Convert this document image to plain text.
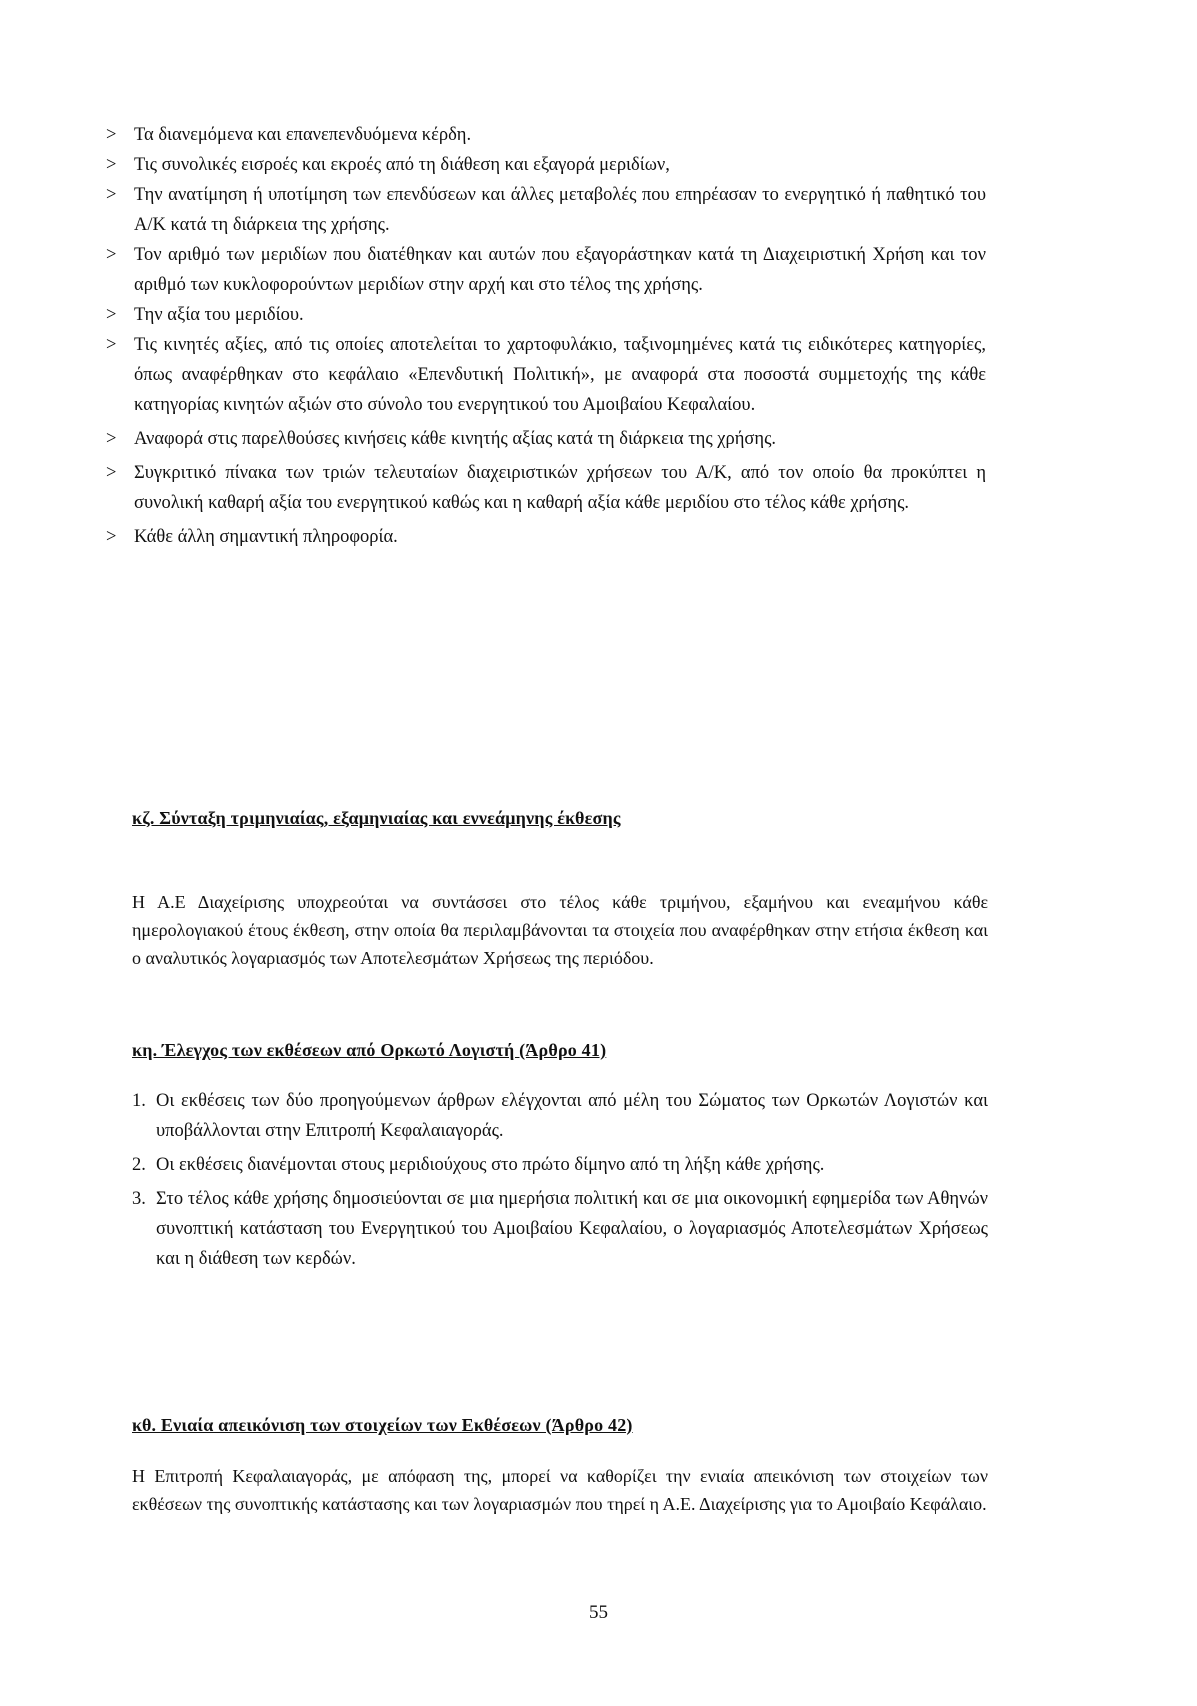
> Τα διανεμόμενα και επανεπενδυόμενα κέρδη.
> Τις συνολικές εισροές και εκροές από τη διάθεση και εξαγορά μεριδίων,
> Την ανατίμηση ή υποτίμηση των επενδύσεων και άλλες μεταβολές που επηρέασαν το ενεργητικό ή παθητικό του Α/Κ κατά τη διάρκεια της χρήσης.
> Τον αριθμό των μεριδίων που διατέθηκαν και αυτών που εξαγοράστηκαν κατά τη Διαχειριστική Χρήση και τον αριθμό των κυκλοφορούντων μεριδίων στην αρχή και στο τέλος της χρήσης.
> Την αξία του μεριδίου.
> Τις κινητές αξίες, από τις οποίες αποτελείται το χαρτοφυλάκιο, ταξινομημένες κατά τις ειδικότερες κατηγορίες, όπως αναφέρθηκαν στο κεφάλαιο «Επενδυτική Πολιτική», με αναφορά στα ποσοστά συμμετοχής της κάθε κατηγορίας κινητών αξιών στο σύνολο του ενεργητικού του Αμοιβαίου Κεφαλαίου.
> Αναφορά στις παρελθούσες κινήσεις κάθε κινητής αξίας κατά τη διάρκεια της χρήσης.
> Συγκριτικό πίνακα των τριών τελευταίων διαχειριστικών χρήσεων του Α/Κ, από τον οποίο θα προκύπτει η συνολική καθαρή αξία του ενεργητικού καθώς και η καθαρή αξία κάθε μεριδίου στο τέλος κάθε χρήσης.
> Κάθε άλλη σημαντική πληροφορία.
κζ. Σύνταξη τριμηνιαίας, εξαμηνιαίας και εννεάμηνης έκθεσης
Η Α.Ε Διαχείρισης υποχρεούται να συντάσσει στο τέλος κάθε τριμήνου, εξαμήνου και ενεαμήνου κάθε ημερολογιακού έτους έκθεση, στην οποία θα περιλαμβάνονται τα στοιχεία που αναφέρθηκαν στην ετήσια έκθεση και ο αναλυτικός λογαριασμός των Αποτελεσμάτων Χρήσεως της περιόδου.
κη. Έλεγχος των εκθέσεων από Ορκωτό Λογιστή (Άρθρο 41)
1. Οι εκθέσεις των δύο προηγούμενων άρθρων ελέγχονται από μέλη του Σώματος των Ορκωτών Λογιστών και υποβάλλονται στην Επιτροπή Κεφαλαιαγοράς.
2. Οι εκθέσεις διανέμονται στους μεριδιούχους στο πρώτο δίμηνο από τη λήξη κάθε χρήσης.
3. Στο τέλος κάθε χρήσης δημοσιεύονται σε μια ημερήσια πολιτική και σε μια οικονομική εφημερίδα των Αθηνών συνοπτική κατάσταση του Ενεργητικού του Αμοιβαίου Κεφαλαίου, ο λογαριασμός Αποτελεσμάτων Χρήσεως και η διάθεση των κερδών.
κθ. Ενιαία απεικόνιση των στοιχείων των Εκθέσεων (Άρθρο 42)
Η Επιτροπή Κεφαλαιαγοράς, με απόφαση της, μπορεί να καθορίζει την ενιαία απεικόνιση των στοιχείων των εκθέσεων της συνοπτικής κατάστασης και των λογαριασμών που τηρεί η Α.Ε. Διαχείρισης για το Αμοιβαίο Κεφάλαιο.
55
